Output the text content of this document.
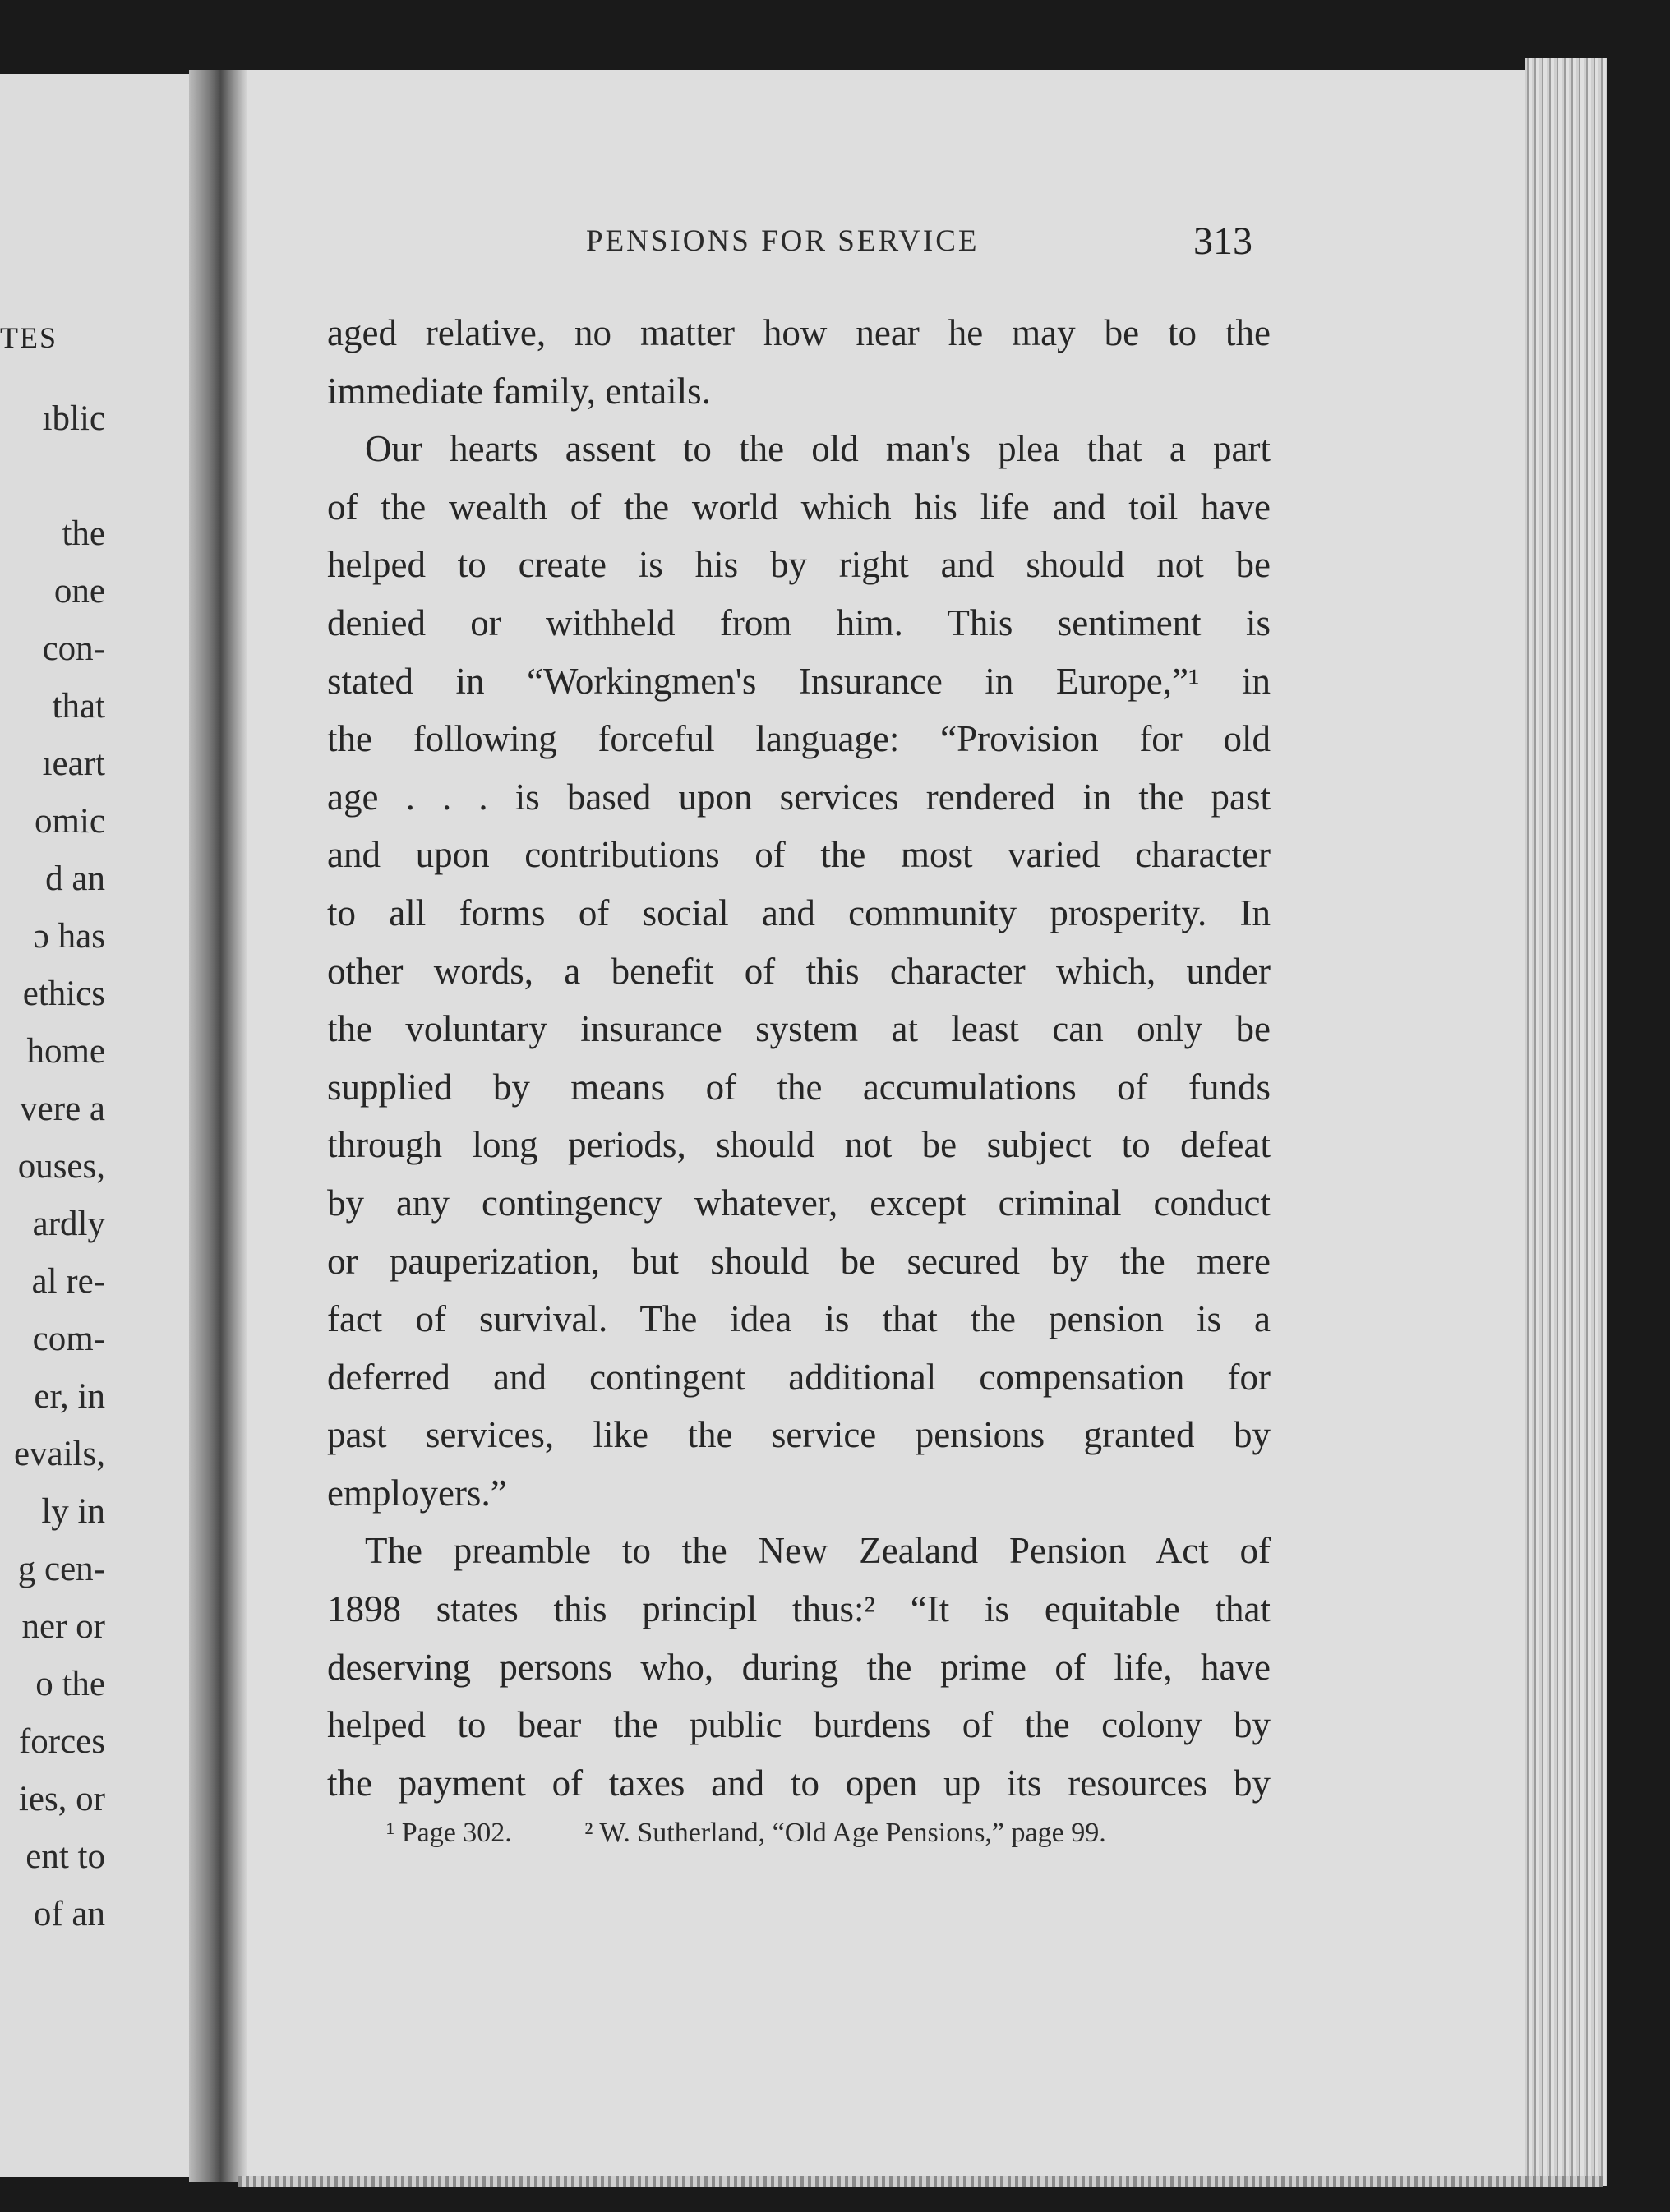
TES
ıblic
the
one
con-
that
ıeart
omic
d an
ɔ has
ethics
home
vere a
ouses,
ardly
al re-
com-
er, in
evails,
ly in
g cen-
ner or
o the
forces
ies, or
ent to
of an
PENSIONS FOR SERVICE	313
aged relative, no matter how near he may be to the
immediate family, entails.
Our hearts assent to the old man's plea that a part
of the wealth of the world which his life and toil have
helped to create is his by right and should not be
denied or withheld from him. This sentiment is
stated in “Workingmen's Insurance in Europe,”¹ in
the following forceful language: “Provision for old
age . . . is based upon services rendered in the past
and upon contributions of the most varied character
to all forms of social and community prosperity. In
other words, a benefit of this character which, under
the voluntary insurance system at least can only be
supplied by means of the accumulations of funds
through long periods, should not be subject to defeat
by any contingency whatever, except criminal conduct
or pauperization, but should be secured by the mere
fact of survival. The idea is that the pension is a
deferred and contingent additional compensation for
past services, like the service pensions granted by
employers.”
The preamble to the New Zealand Pension Act of
1898 states this principl thus:² “It is equitable that
deserving persons who, during the prime of life, have
helped to bear the public burdens of the colony by
the payment of taxes and to open up its resources by
¹ Page 302.	² W. Sutherland, “Old Age Pensions,” page 99.
